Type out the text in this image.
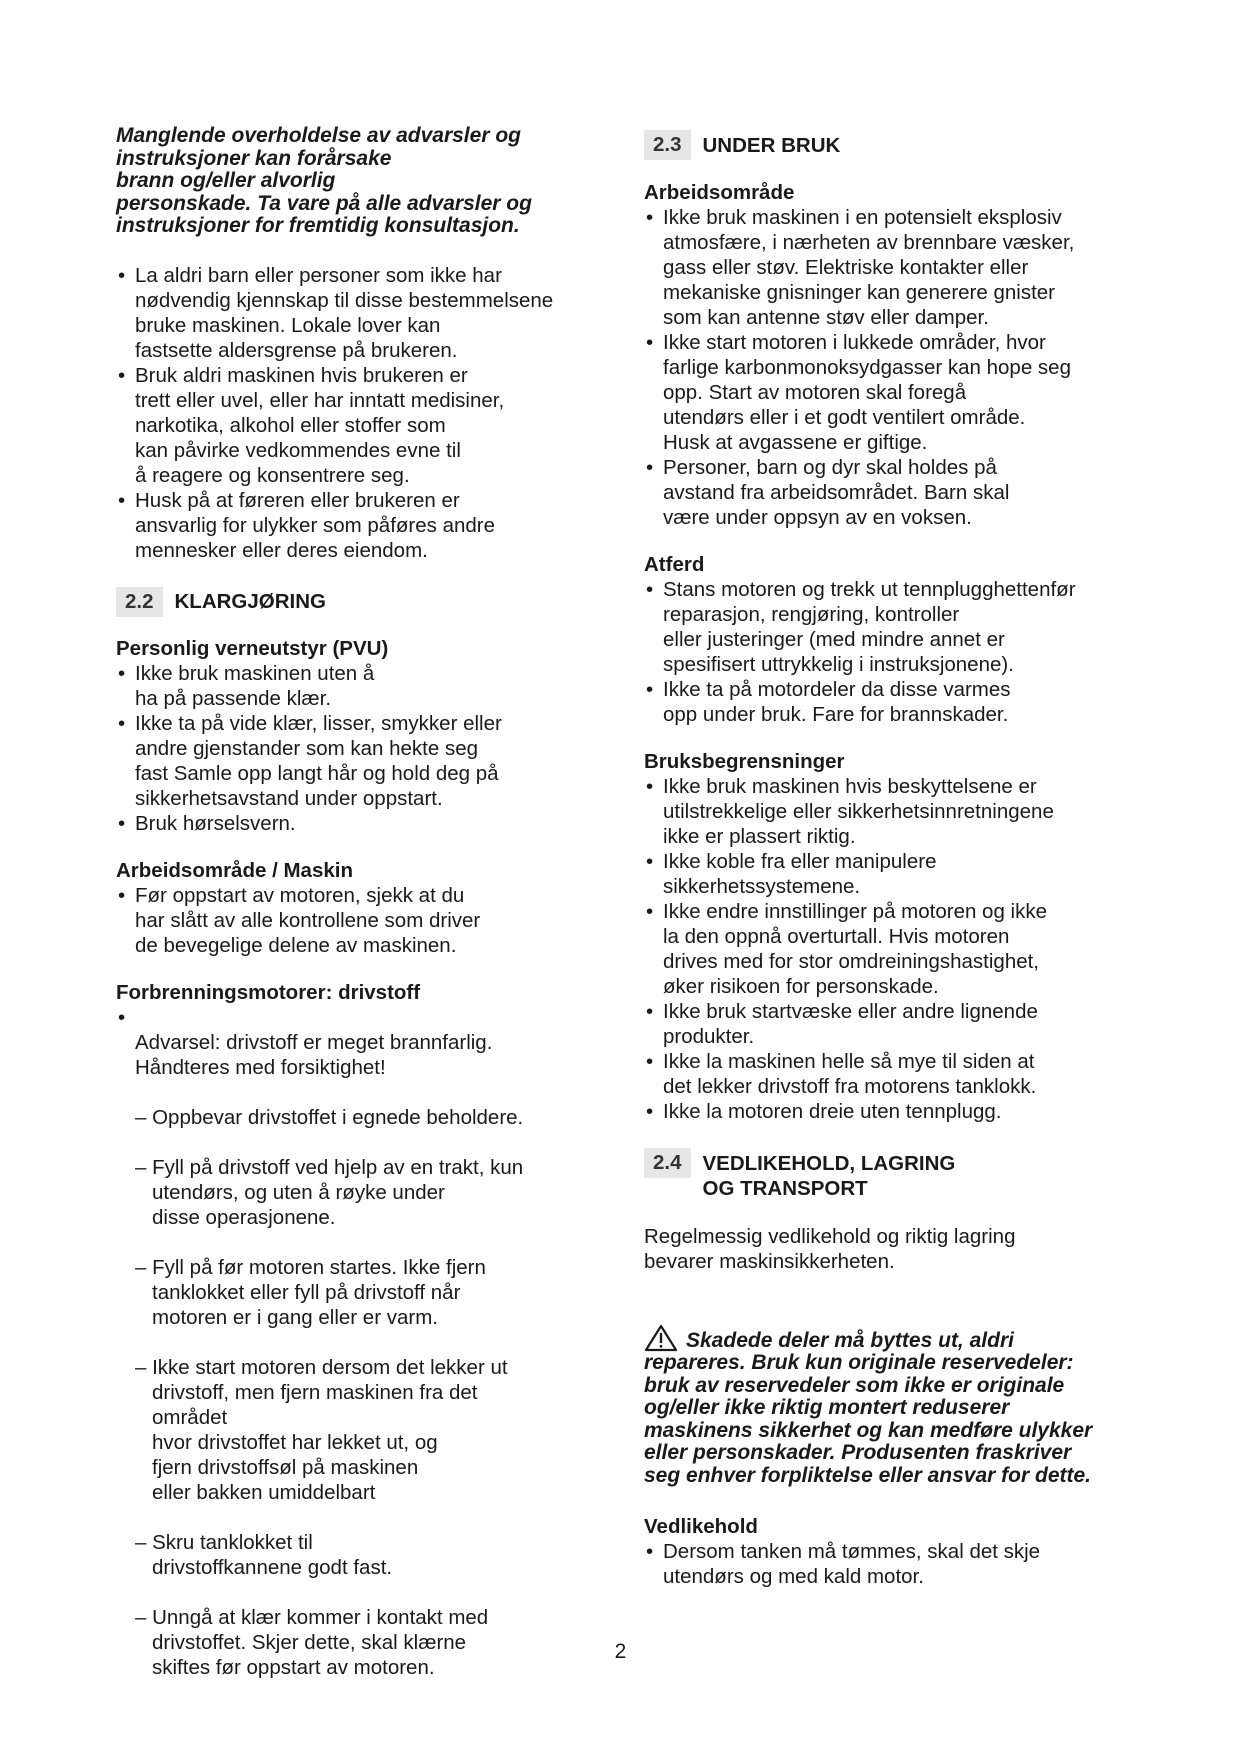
Manglende overholdelse av advarsler og
instruksjoner kan forårsake
brann og/eller alvorlig
personskade. Ta vare på alle advarsler og
instruksjoner for fremtidig konsultasjon.

• La aldri barn eller personer som ikke har
nødvendig kjennskap til disse bestemmelsene
bruke maskinen. Lokale lover kan
fastsette aldersgrense på brukeren.
• Bruk aldri maskinen hvis brukeren er
trett eller uvel, eller har inntatt medisiner,
narkotika, alkohol eller stoffer som
kan påvirke vedkommendes evne til
å reagere og konsentrere seg.
• Husk på at føreren eller brukeren er
ansvarlig for ulykker som påføres andre
mennesker eller deres eiendom.
2.2	KLARGJØRING
Personlig verneutstyr (PVU)
• Ikke bruk maskinen uten å
ha på passende klær.
• Ikke ta på vide klær, lisser, smykker eller
andre gjenstander som kan hekte seg
fast Samle opp langt hår og hold deg på
sikkerhetsavstand under oppstart.
• Bruk hørselsvern.
Arbeidsområde / Maskin
• Før oppstart av motoren, sjekk at du
har slått av alle kontrollene som driver
de bevegelige delene av maskinen.
Forbrenningsmotorer: drivstoff

• Advarsel: drivstoff er meget brannfarlig.
Håndteres med forsiktighet!

– Oppbevar drivstoffet i egnede beholdere.

– Fyll på drivstoff ved hjelp av en trakt, kun
utendørs, og uten å røyke under
disse operasjonene.

– Fyll på før motoren startes. Ikke fjern
tanklokket eller fyll på drivstoff når
motoren er i gang eller er varm.

– Ikke start motoren dersom det lekker ut
drivstoff, men fjern maskinen fra det
området
hvor drivstoffet har lekket ut, og
fjern drivstoffsøl på maskinen
eller bakken umiddelbart

– Skru tanklokket til
drivstoffkannene godt fast.

– Unngå at klær kommer i kontakt med
drivstoffet. Skjer dette, skal klærne
skiftes før oppstart av motoren.

2.3	UNDER BRUK
Arbeidsområde
• Ikke bruk maskinen i en potensielt eksplosiv
atmosfære, i nærheten av brennbare væsker,
gass eller støv. Elektriske kontakter eller
mekaniske gnisninger kan generere gnister
som kan antenne støv eller damper.
• Ikke start motoren i lukkede områder, hvor
farlige karbonmonoksydgasser kan hope seg
opp. Start av motoren skal foregå
utendørs eller i et godt ventilert område.
Husk at avgassene er giftige.
• Personer, barn og dyr skal holdes på
avstand fra arbeidsområdet. Barn skal
være under oppsyn av en voksen.
Atferd
• Stans motoren og trekk ut tennplugghettenfør
reparasjon, rengjøring, kontroller
eller justeringer (med mindre annet er
spesifisert uttrykkelig i instruksjonene).
• Ikke ta på motordeler da disse varmes
opp under bruk. Fare for brannskader.
Bruksbegrensninger
• Ikke bruk maskinen hvis beskyttelsene er
utilstrekkelige eller sikkerhetsinnretningene
ikke er plassert riktig.
• Ikke koble fra eller manipulere
sikkerhetssystemene.
• Ikke endre innstillinger på motoren og ikke
la den oppnå overturtall. Hvis motoren
drives med for stor omdreiningshastighet,
øker risikoen for personskade.
• Ikke bruk startvæske eller andre lignende
produkter.
• Ikke la maskinen helle så mye til siden at
det lekker drivstoff fra motorens tanklokk.
• Ikke la motoren dreie uten tennplugg.
2.4	VEDLIKEHOLD, LAGRING
OG TRANSPORT

Regelmessig vedlikehold og riktig lagring
bevarer maskinsikkerheten.

Skadede deler må byttes ut, aldri
repareres. Bruk kun originale reservedeler:
bruk av reservedeler som ikke er originale
og/eller ikke riktig montert reduserer
maskinens sikkerhet og kan medføre ulykker
eller personskader. Produsenten fraskriver
seg enhver forpliktelse eller ansvar for dette.

Vedlikehold
• Dersom tanken må tømmes, skal det skje
utendørs og med kald motor.
2
